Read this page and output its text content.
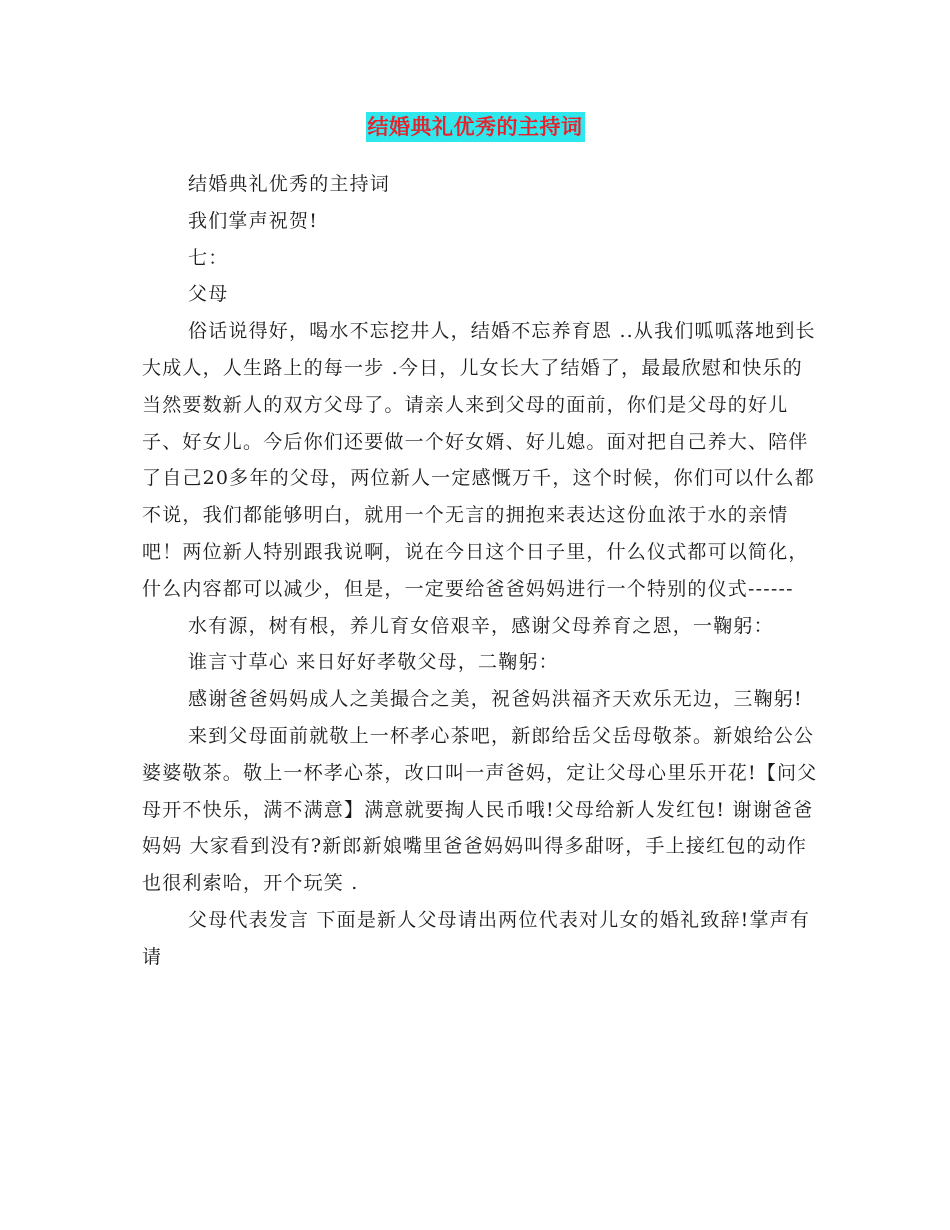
结婚典礼优秀的主持词

结婚典礼优秀的主持词

我们掌声祝贺!

七：

父母

俗话说得好，喝水不忘挖井人，结婚不忘养育恩 ..从我们呱呱落地到长大成人，人生路上的每一步 .今日，儿女长大了结婚了，最最欣慰和快乐的当然要数新人的双方父母了。请亲人来到父母的面前，你们是父母的好儿子、好女儿。今后你们还要做一个好女婿、好儿媳。面对把自己养大、陪伴了自己20多年的父母，两位新人一定感慨万千，这个时候，你们可以什么都不说，我们都能够明白，就用一个无言的拥抱来表达这份血浓于水的亲情吧！两位新人特别跟我说啊，说在今日这个日子里，什么仪式都可以简化，什么内容都可以减少，但是，一定要给爸爸妈妈进行一个特别的仪式------

水有源，树有根，养儿育女倍艰辛，感谢父母养育之恩，一鞠躬：

谁言寸草心 来日好好孝敬父母，二鞠躬：

感谢爸爸妈妈成人之美撮合之美，祝爸妈洪福齐天欢乐无边，三鞠躬!

来到父母面前就敬上一杯孝心茶吧，新郎给岳父岳母敬茶。新娘给公公婆婆敬茶。敬上一杯孝心茶，改口叫一声爸妈，定让父母心里乐开花!【问父母开不快乐，满不满意】满意就要掏人民币哦!父母给新人发红包! 谢谢爸爸妈妈 大家看到没有?新郎新娘嘴里爸爸妈妈叫得多甜呀，手上接红包的动作也很利索哈，开个玩笑 .

父母代表发言 下面是新人父母请出两位代表对儿女的婚礼致辞!掌声有请
